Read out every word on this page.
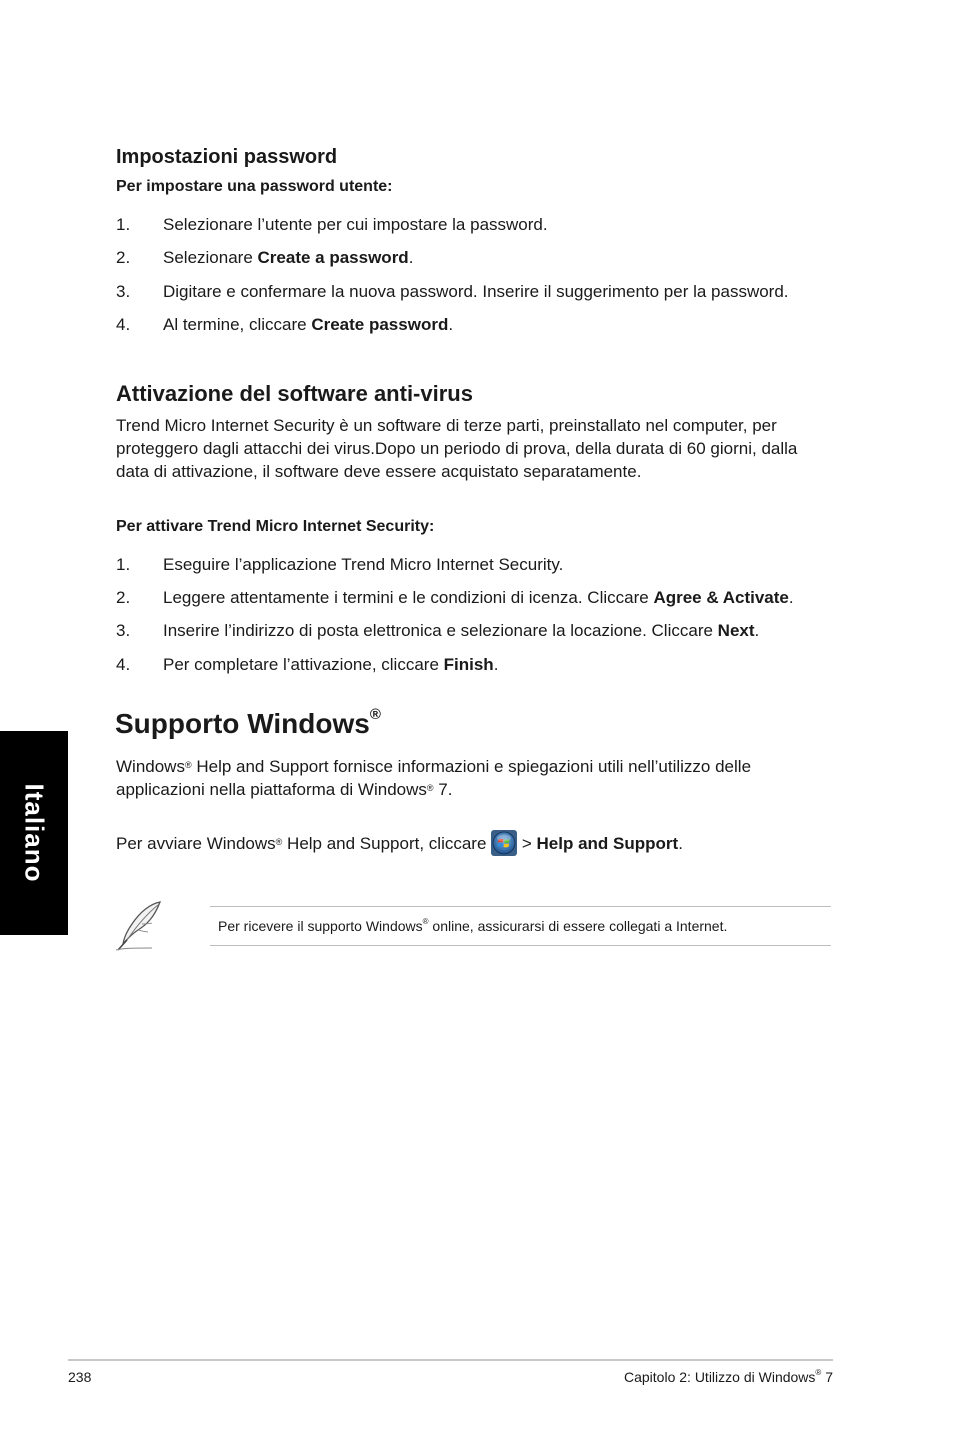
Impostazioni password
Per impostare una password utente:
1. Selezionare l’utente per cui impostare la password.
2. Selezionare Create a password.
3. Digitare e confermare la nuova password. Inserire il suggerimento per la password.
4. Al termine, cliccare Create password.
Attivazione del software anti-virus
Trend Micro Internet Security è un software di terze parti, preinstallato nel computer, per
proteggero dagli attacchi dei virus.Dopo un periodo di prova, della durata di 60 giorni, dalla
data di attivazione, il software deve essere acquistato separatamente.
Per attivare Trend Micro Internet Security:
1. Eseguire l’applicazione Trend Micro Internet Security.
2. Leggere attentamente i termini e le condizioni di icenza. Cliccare Agree & Activate.
3. Inserire l’indirizzo di posta elettronica e selezionare la locazione. Cliccare Next.
4. Per completare l’attivazione, cliccare Finish.
Supporto Windows®
Windows® Help and Support fornisce informazioni e spiegazioni utili nell’utilizzo delle
applicazioni nella piattaforma di Windows® 7.
Per avviare Windows® Help and Support, cliccare  > Help and Support.
Per ricevere il supporto Windows® online, assicurarsi di essere collegati a Internet.
Italiano
238	Capitolo 2: Utilizzo di Windows® 7
